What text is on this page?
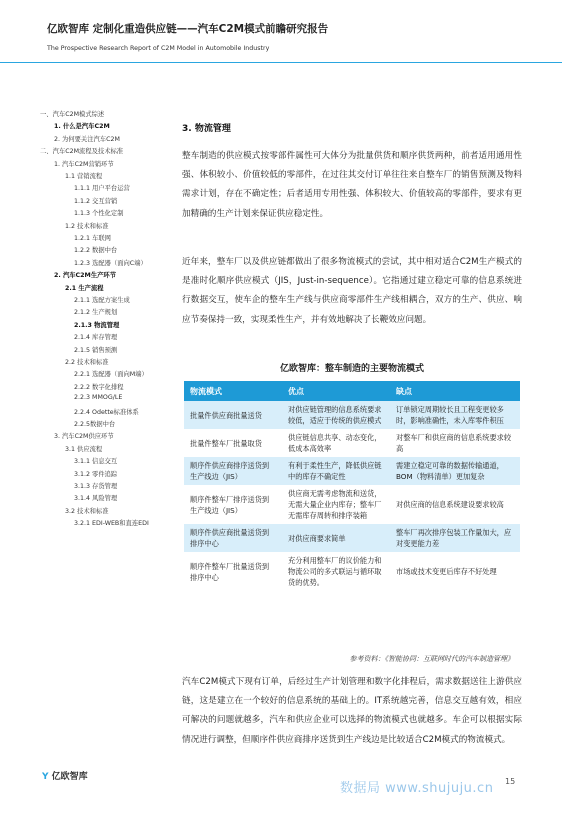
亿欧智库 定制化重造供应链——汽车C2M模式前瞻研究报告
The Prospective Research Report of C2M Model in Automobile Industry
一、汽车C2M模式综述
1. 什么是汽车C2M
2. 为何要关注汽车C2M
二、汽车C2M流程及技术标准
1. 汽车C2M营销环节
1.1 营销流程
1.1.1 用户平台运营
1.1.2 交互营销
1.1.3 个性化定制
1.2 技术和标准
1.2.1 车联网
1.2.2 数据中台
1.2.3 选配器（面向C端）
2. 汽车C2M生产环节
2.1 生产流程
2.1.1 选配方案生成
2.1.2 生产规划
2.1.3 物流管理
2.1.4 库存管理
2.1.5 销售预测
2.2 技术和标准
2.2.1 选配器（面向M端）
2.2.2 数字化排程
2.2.3 MMOG/LE
2.2.4 Odette标准体系
2.2.5数据中台
3. 汽车C2M供应环节
3.1 供应流程
3.1.1 信息交互
3.1.2 零件追踪
3.1.3 存货管理
3.1.4 风险管理
3.2 技术和标准
3.2.1 EDI-WEB和直连EDI
3. 物流管理
整车制造的供应模式按零部件属性可大体分为批量供货和顺序供货两种，前者适用通用性强、体积较小、价值较低的零部件，在过往其交付订单往往来自整车厂的销售预测及物料需求计划，存在不确定性；后者适用专用性强、体积较大、价值较高的零部件，要求有更加精确的生产计划来保证供应稳定性。
近年来，整车厂以及供应链都做出了很多物流模式的尝试，其中相对适合C2M生产模式的是准时化顺序供应模式（JIS，Just-in-sequence）。它指通过建立稳定可靠的信息系统进行数据交互，使车企的整车生产线与供应商零部件生产线相耦合，双方的生产、供应、响应节奏保持一致，实现柔性生产，并有效地解决了长鞭效应问题。
亿欧智库：整车制造的主要物流模式
物流模式	优点	缺点
批量件供应商批量送货	对供应链管理的信息系统要求较低，适应于传统的供应模式	订单锁定周期较长且工程变更较多时，影响准确性，未入库零件积压
批量件整车厂批量取货	供应链信息共享、动态变化，低成本高效率	对整车厂和供应商的信息系统要求较高
顺序件供应商排序送货到生产线边（JIS）	有利于柔性生产，降低供应链中的库存不确定性	需建立稳定可靠的数据传输通道，BOM（物料清单）更加复杂
顺序件整车厂排序送货到生产线边（JIS）	供应商无需考虑物流和送货，无需大量企业内库存；整车厂无需库存周转和排序装箱	对供应商的信息系统建设要求较高
顺序件供应商批量送货到排序中心	对供应商要求简单	整车厂再次排序包装工作量加大，应对变更能力差
顺序件整车厂批量送货到排序中心	充分利用整车厂的议价能力和物流公司的多式联运与循环取货的优势。	市场或技术变更后库存不好处理
参考资料：《智能协同：互联网时代的汽车制造管理》
汽车C2M模式下现有订单，后经过生产计划管理和数字化排程后，需求数据送往上游供应链，这是建立在一个较好的信息系统的基础上的。IT系统越完善，信息交互越有效，相应可解决的问题就越多，汽车和供应企业可以选择的物流模式也就越多。车企可以根据实际情况进行调整，但顺序件供应商排序送货到生产线边是比较适合C2M模式的物流模式。
Y 亿欧智库
数据局 www.shujuju.cn 15
